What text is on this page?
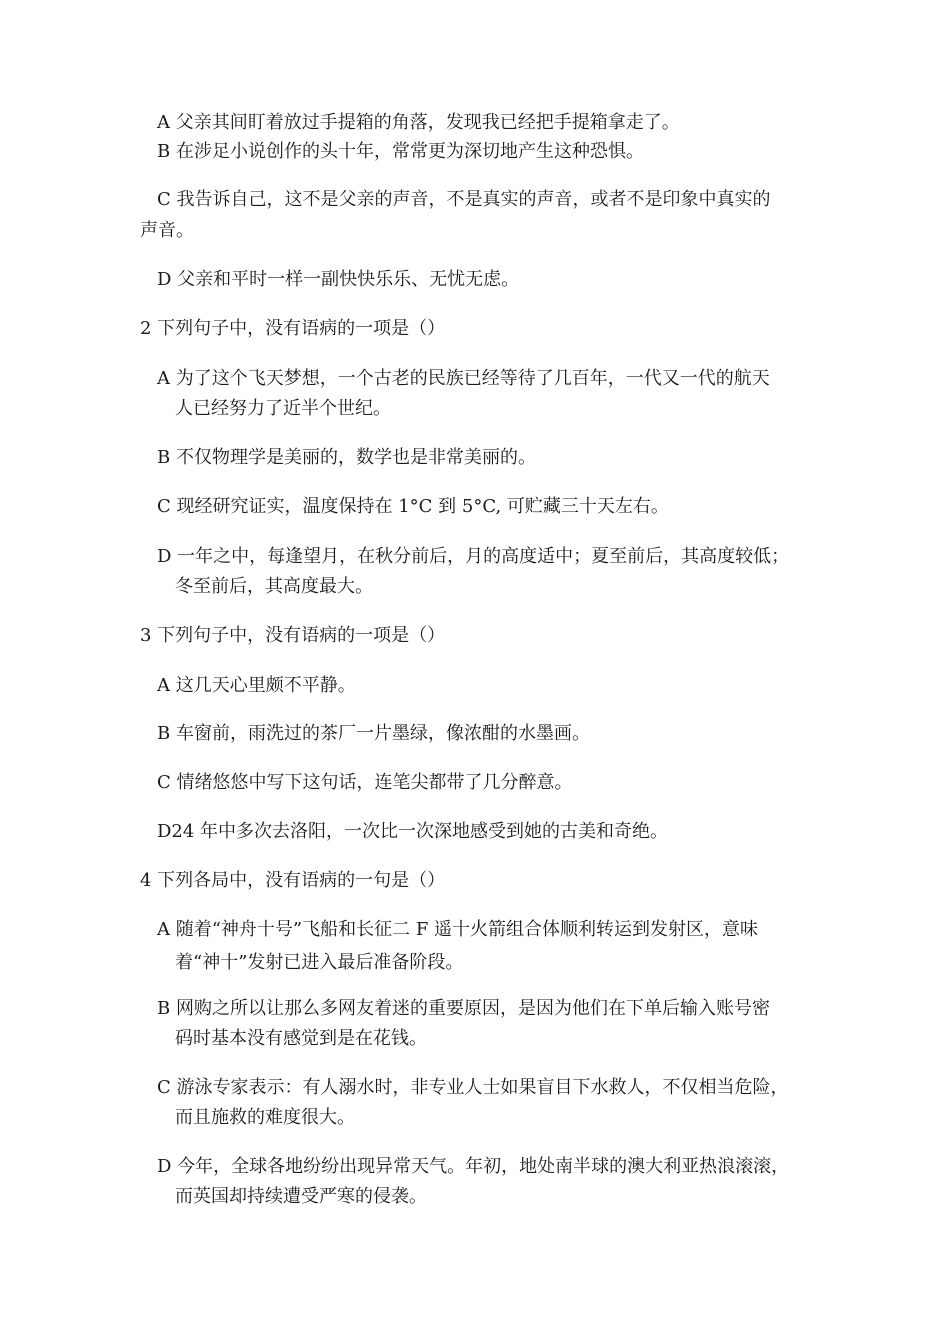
A 父亲其间盯着放过手提箱的角落，发现我已经把手提箱拿走了。
B 在涉足小说创作的头十年，常常更为深切地产生这种恐惧。
C 我告诉自己，这不是父亲的声音，不是真实的声音，或者不是印象中真实的
声音。
D 父亲和平时一样一副快快乐乐、无忧无虑。
2 下列句子中，没有语病的一项是（）
A 为了这个飞天梦想，一个古老的民族已经等待了几百年，一代又一代的航天
人已经努力了近半个世纪。
B 不仅物理学是美丽的，数学也是非常美丽的。
C 现经研究证实，温度保持在 1°C 到 5°C, 可贮藏三十天左右。
D 一年之中，每逢望月，在秋分前后，月的高度适中；夏至前后，其高度较低；
冬至前后，其高度最大。
3 下列句子中，没有语病的一项是（）
A 这几天心里颇不平静。
B 车窗前，雨洗过的茶厂一片墨绿，像浓酣的水墨画。
C 情绪悠悠中写下这句话，连笔尖都带了几分醉意。
D24 年中多次去洛阳，一次比一次深地感受到她的古美和奇绝。
4 下列各局中，没有语病的一句是（）
A 随着“神舟十号”飞船和长征二 F 遥十火箭组合体顺利转运到发射区，意味
着“神十”发射已进入最后准备阶段。
B 网购之所以让那么多网友着迷的重要原因，是因为他们在下单后输入账号密
码时基本没有感觉到是在花钱。
C 游泳专家表示：有人溺水时，非专业人士如果盲目下水救人，不仅相当危险，
而且施救的难度很大。
D 今年，全球各地纷纷出现异常天气。年初，地处南半球的澳大利亚热浪滚滚，
而英国却持续遭受严寒的侵袭。
